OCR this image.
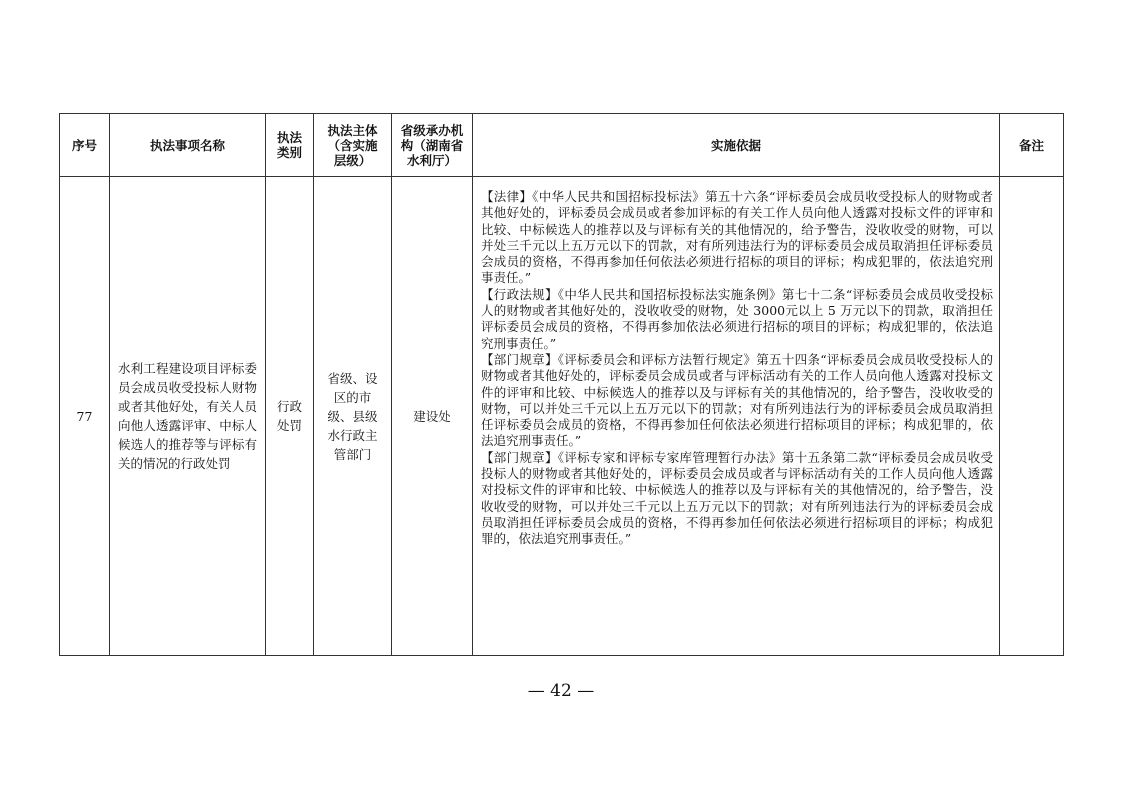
序号	执法事项名称	执法类别	执法主体（含实施层级）	省级承办机构（湖南省水利厅）	实施依据	备注
77	水利工程建设项目评标委员会成员收受投标人财物或者其他好处，有关人员向他人透露评审、中标人候选人的推荐等与评标有关的情况的行政处罚	行政处罚	省级、设区的市级、县级水行政主管部门	建设处	【法律】《中华人民共和国招标投标法》第五十六条“评标委员会成员收受投标人的财物或者其他好处的，评标委员会成员或者参加评标的有关工作人员向他人透露对投标文件的评审和比较、中标候选人的推荐以及与评标有关的其他情况的，给予警告，没收收受的财物，可以并处三千元以上五万元以下的罚款，对有所列违法行为的评标委员会成员取消担任评标委员会成员的资格，不得再参加任何依法必须进行招标的项目的评标；构成犯罪的，依法追究刑事责任。”
【行政法规】《中华人民共和国招标投标法实施条例》第七十二条“评标委员会成员收受投标人的财物或者其他好处的，没收收受的财物，处 3000元以上 5 万元以下的罚款，取消担任评标委员会成员的资格，不得再参加依法必须进行招标的项目的评标；构成犯罪的，依法追究刑事责任。”
【部门规章】《评标委员会和评标方法暂行规定》第五十四条“评标委员会成员收受投标人的财物或者其他好处的，评标委员会成员或者与评标活动有关的工作人员向他人透露对投标文件的评审和比较、中标候选人的推荐以及与评标有关的其他情况的，给予警告，没收收受的财物，可以并处三千元以上五万元以下的罚款；对有所列违法行为的评标委员会成员取消担任评标委员会成员的资格，不得再参加任何依法必须进行招标项目的评标；构成犯罪的，依法追究刑事责任。”
【部门规章】《评标专家和评标专家库管理暂行办法》第十五条第二款“评标委员会成员收受投标人的财物或者其他好处的，评标委员会成员或者与评标活动有关的工作人员向他人透露对投标文件的评审和比较、中标候选人的推荐以及与评标有关的其他情况的，给予警告，没收收受的财物，可以并处三千元以上五万元以下的罚款；对有所列违法行为的评标委员会成员取消担任评标委员会成员的资格，不得再参加任何依法必须进行招标项目的评标；构成犯罪的，依法追究刑事责任。”	

— 42 —
